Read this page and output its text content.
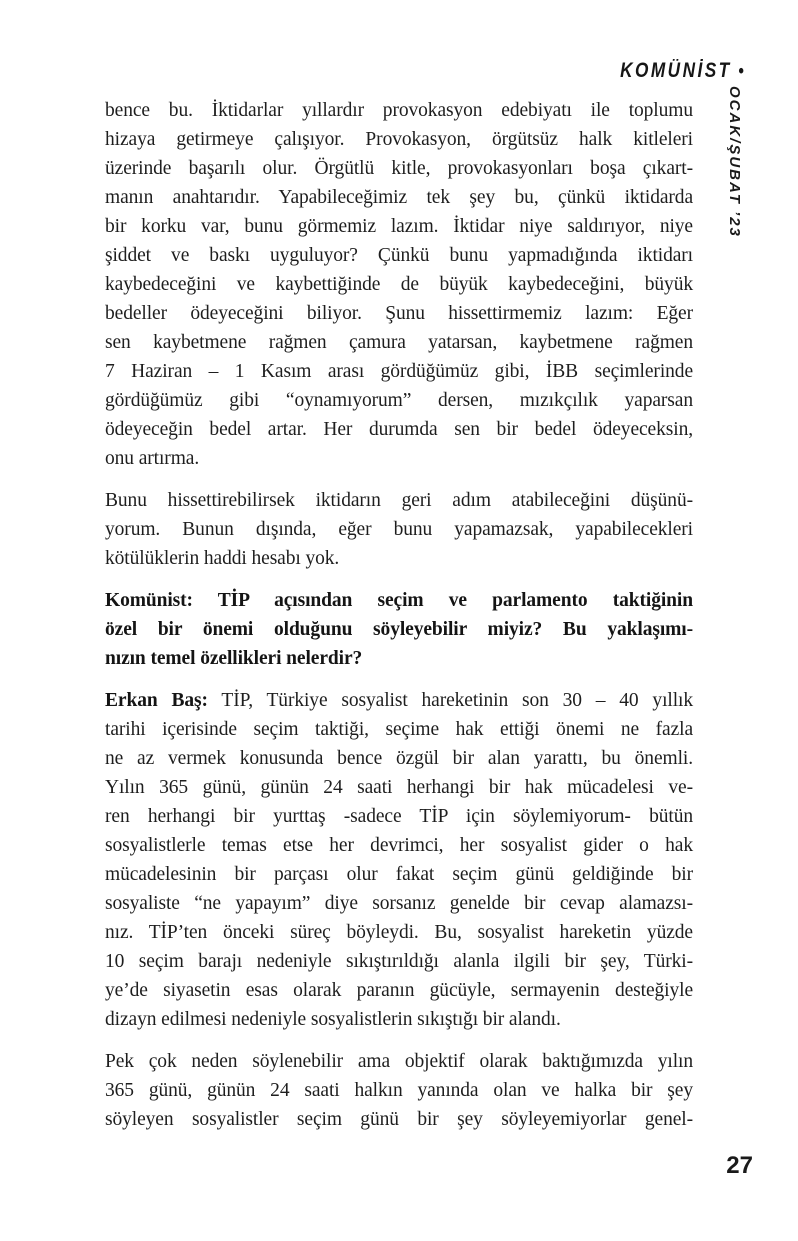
KOMÜNİST •
OCAK/ŞUBAT ’23
bence bu. İktidarlar yıllardır provokasyon edebiyatı ile toplumu
hizaya getirmeye çalışıyor. Provokasyon, örgütsüz halk kitleleri
üzerinde başarılı olur. Örgütlü kitle, provokasyonları boşa çıkart-
manın anahtarıdır. Yapabileceğimiz tek şey bu, çünkü iktidarda
bir korku var, bunu görmemiz lazım. İktidar niye saldırıyor, niye
şiddet ve baskı uyguluyor? Çünkü bunu yapmadığında iktidarı
kaybedeceğini ve kaybettiğinde de büyük kaybedeceğini, büyük
bedeller ödeyeceğini biliyor. Şunu hissettirmemiz lazım: Eğer
sen kaybetmene rağmen çamura yatarsan, kaybetmene rağmen
7 Haziran – 1 Kasım arası gördüğümüz gibi, İBB seçimlerinde
gördüğümüz gibi “oynamıyorum” dersen, mızıkçılık yaparsan
ödeyeceğin bedel artar. Her durumda sen bir bedel ödeyeceksin,
onu artırma.
Bunu hissettirebilirsek iktidarın geri adım atabileceğini düşünü-
yorum. Bunun dışında, eğer bunu yapamazsak, yapabilecekleri
kötülüklerin haddi hesabı yok.
Komünist: TİP açısından seçim ve parlamento taktiğinin
özel bir önemi olduğunu söyleyebilir miyiz? Bu yaklaşımı-
nızın temel özellikleri nelerdir?
Erkan Baş: TİP, Türkiye sosyalist hareketinin son 30 – 40 yıllık
tarihi içerisinde seçim taktiği, seçime hak ettiği önemi ne fazla
ne az vermek konusunda bence özgül bir alan yarattı, bu önemli.
Yılın 365 günü, günün 24 saati herhangi bir hak mücadelesi ve-
ren herhangi bir yurttaş -sadece TİP için söylemiyorum- bütün
sosyalistlerle temas etse her devrimci, her sosyalist gider o hak
mücadelesinin bir parçası olur fakat seçim günü geldiğinde bir
sosyaliste “ne yapayım” diye sorsanız genelde bir cevap alamazsı-
nız. TİP’ten önceki süreç böyleydi. Bu, sosyalist hareketin yüzde
10 seçim barajı nedeniyle sıkıştırıldığı alanla ilgili bir şey, Türki-
ye’de siyasetin esas olarak paranın gücüyle, sermayenin desteğiyle
dizayn edilmesi nedeniyle sosyalistlerin sıkıştığı bir alandı.
Pek çok neden söylenebilir ama objektif olarak baktığımızda yılın
365 günü, günün 24 saati halkın yanında olan ve halka bir şey
söyleyen sosyalistler seçim günü bir şey söyleyemiyorlar genel-
27
